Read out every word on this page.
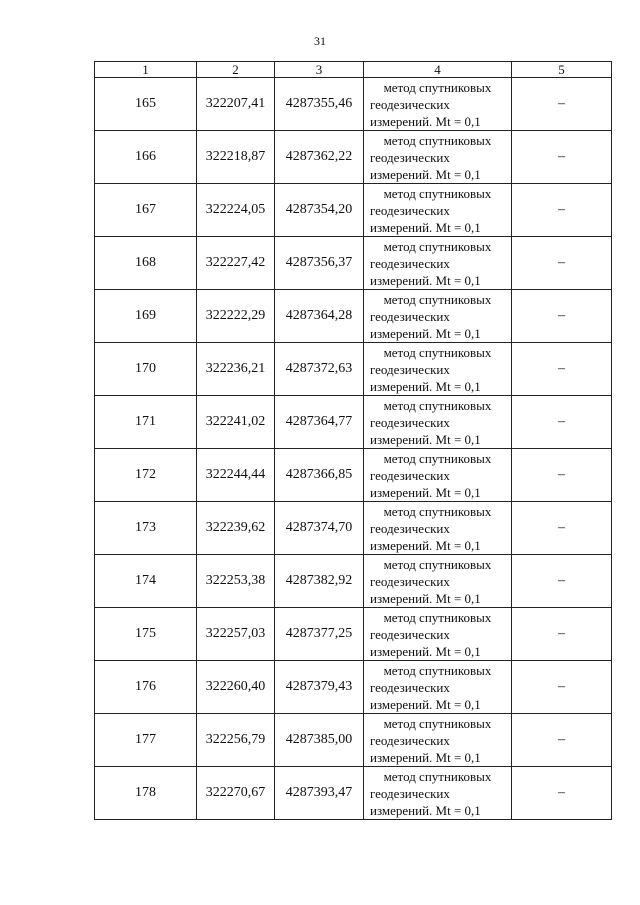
31
1	2	3	4	5
165	322207,41	4287355,46	метод спутниковых
геодезических
измерений. Mt = 0,1	–
166	322218,87	4287362,22	метод спутниковых
геодезических
измерений. Mt = 0,1	–
167	322224,05	4287354,20	метод спутниковых
геодезических
измерений. Mt = 0,1	–
168	322227,42	4287356,37	метод спутниковых
геодезических
измерений. Mt = 0,1	–
169	322222,29	4287364,28	метод спутниковых
геодезических
измерений. Mt = 0,1	–
170	322236,21	4287372,63	метод спутниковых
геодезических
измерений. Mt = 0,1	–
171	322241,02	4287364,77	метод спутниковых
геодезических
измерений. Mt = 0,1	–
172	322244,44	4287366,85	метод спутниковых
геодезических
измерений. Mt = 0,1	–
173	322239,62	4287374,70	метод спутниковых
геодезических
измерений. Mt = 0,1	–
174	322253,38	4287382,92	метод спутниковых
геодезических
измерений. Mt = 0,1	–
175	322257,03	4287377,25	метод спутниковых
геодезических
измерений. Mt = 0,1	–
176	322260,40	4287379,43	метод спутниковых
геодезических
измерений. Mt = 0,1	–
177	322256,79	4287385,00	метод спутниковых
геодезических
измерений. Mt = 0,1	–
178	322270,67	4287393,47	метод спутниковых
геодезических
измерений. Mt = 0,1	–
